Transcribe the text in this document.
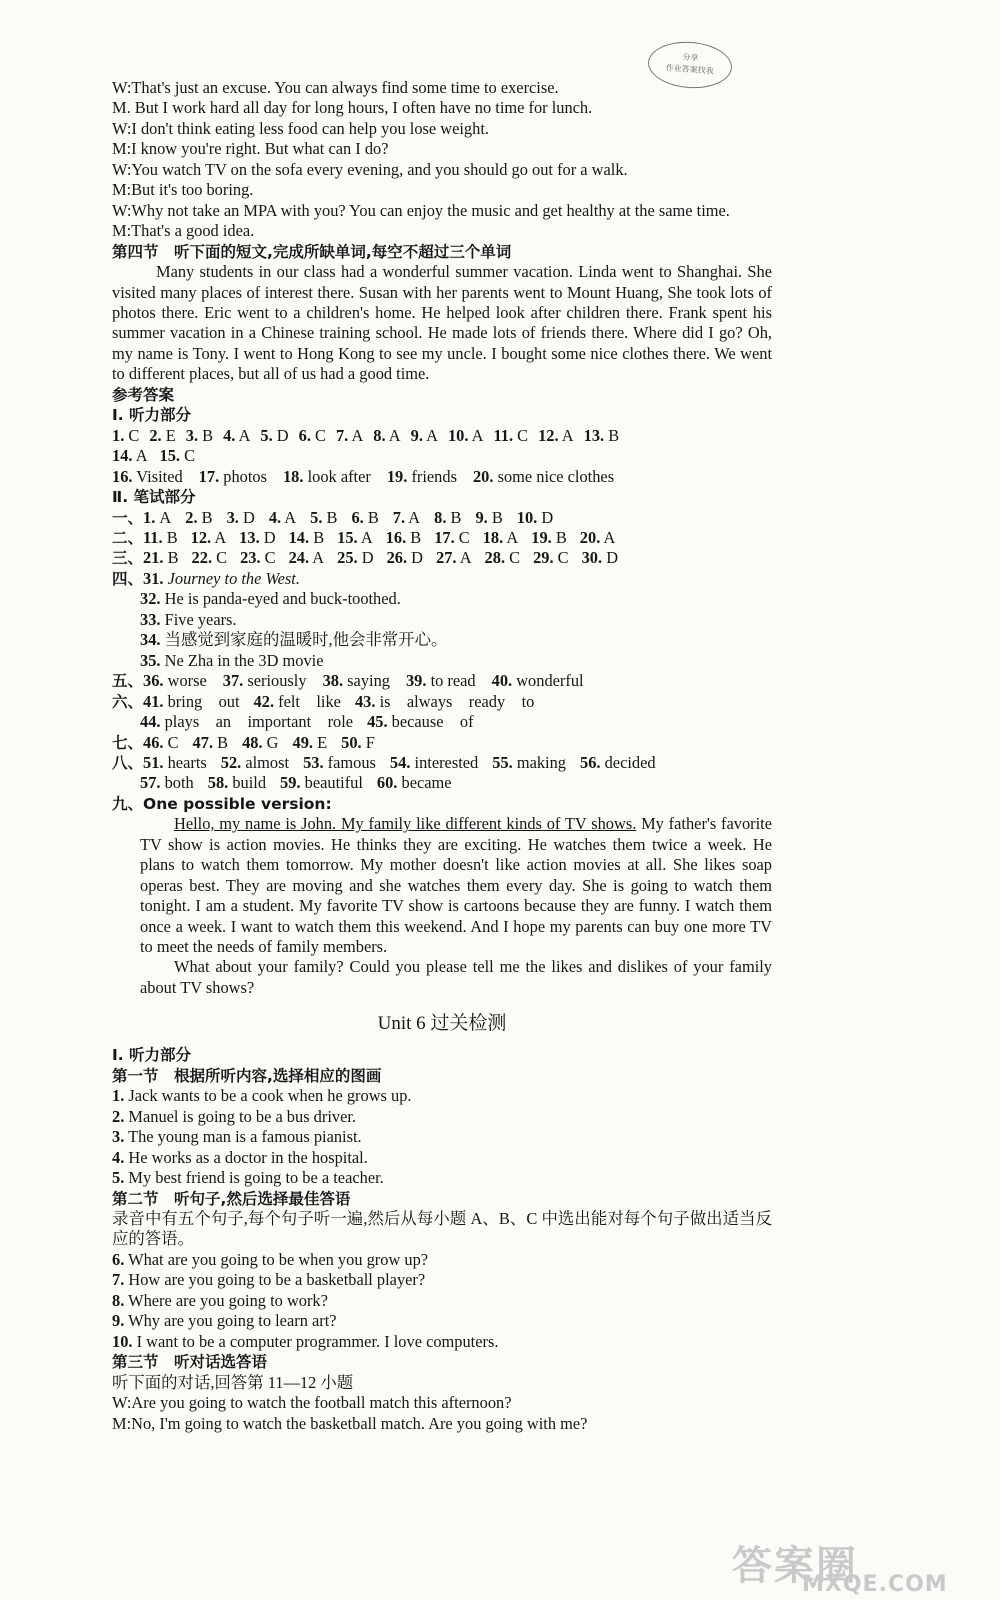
分享
作业答案找我
W:That's just an excuse. You can always find some time to exercise.
M. But I work hard all day for long hours, I often have no time for lunch.
W:I don't think eating less food can help you lose weight.
M:I know you're right. But what can I do?
W:You watch TV on the sofa every evening, and you should go out for a walk.
M:But it's too boring.
W:Why not take an MPA with you? You can enjoy the music and get healthy at the same time.
M:That's a good idea.
第四节　听下面的短文,完成所缺单词,每空不超过三个单词
Many students in our class had a wonderful summer vacation. Linda went to Shanghai. She visited many places of interest there. Susan with her parents went to Mount Huang, She took lots of photos there. Eric went to a children's home. He helped look after children there. Frank spent his summer vacation in a Chinese training school. He made lots of friends there. Where did I go? Oh, my name is Tony. I went to Hong Kong to see my uncle. I bought some nice clothes there. We went to different places, but all of us had a good time.
参考答案
Ⅰ. 听力部分
1. C 2. E 3. B 4. A 5. D 6. C 7. A 8. A 9. A 10. A 11. C 12. A 13. B
14. A 15. C
16. Visited 17. photos 18. look after 19. friends 20. some nice clothes
Ⅱ. 笔试部分
一、1. A 2. B 3. D 4. A 5. B 6. B 7. A 8. B 9. B 10. D
二、11. B 12. A 13. D 14. B 15. A 16. B 17. C 18. A 19. B 20. A
三、21. B 22. C 23. C 24. A 25. D 26. D 27. A 28. C 29. C 30. D
四、31. Journey to the West.
32. He is panda-eyed and buck-toothed.
33. Five years.
34. 当感觉到家庭的温暖时,他会非常开心。
35. Ne Zha in the 3D movie
五、36. worse 37. seriously 38. saying 39. to read 40. wonderful
六、41. bring　out 42. felt　like 43. is　always　ready　to
44. plays　an　important　role 45. because　of
七、46. C 47. B 48. G 49. E 50. F
八、51. hearts 52. almost 53. famous 54. interested 55. making 56. decided
57. both 58. build 59. beautiful 60. became
九、One possible version:
Hello, my name is John. My family like different kinds of TV shows. My father's favorite TV show is action movies. He thinks they are exciting. He watches them twice a week. He plans to watch them tomorrow. My mother doesn't like action movies at all. She likes soap operas best. They are moving and she watches them every day. She is going to watch them tonight. I am a student. My favorite TV show is cartoons because they are funny. I watch them once a week. I want to watch them this weekend. And I hope my parents can buy one more TV to meet the needs of family members.
What about your family? Could you please tell me the likes and dislikes of your family about TV shows?
Unit 6 过关检测
Ⅰ. 听力部分
第一节　根据所听内容,选择相应的图画
1. Jack wants to be a cook when he grows up.
2. Manuel is going to be a bus driver.
3. The young man is a famous pianist.
4. He works as a doctor in the hospital.
5. My best friend is going to be a teacher.
第二节　听句子,然后选择最佳答语
录音中有五个句子,每个句子听一遍,然后从每小题 A、B、C 中选出能对每个句子做出适当反应的答语。
6. What are you going to be when you grow up?
7. How are you going to be a basketball player?
8. Where are you going to work?
9. Why are you going to learn art?
10. I want to be a computer programmer. I love computers.
第三节　听对话选答语
听下面的对话,回答第 11—12 小题
W:Are you going to watch the football match this afternoon?
M:No, I'm going to watch the basketball match. Are you going with me?
答案圈
MXQE.COM
